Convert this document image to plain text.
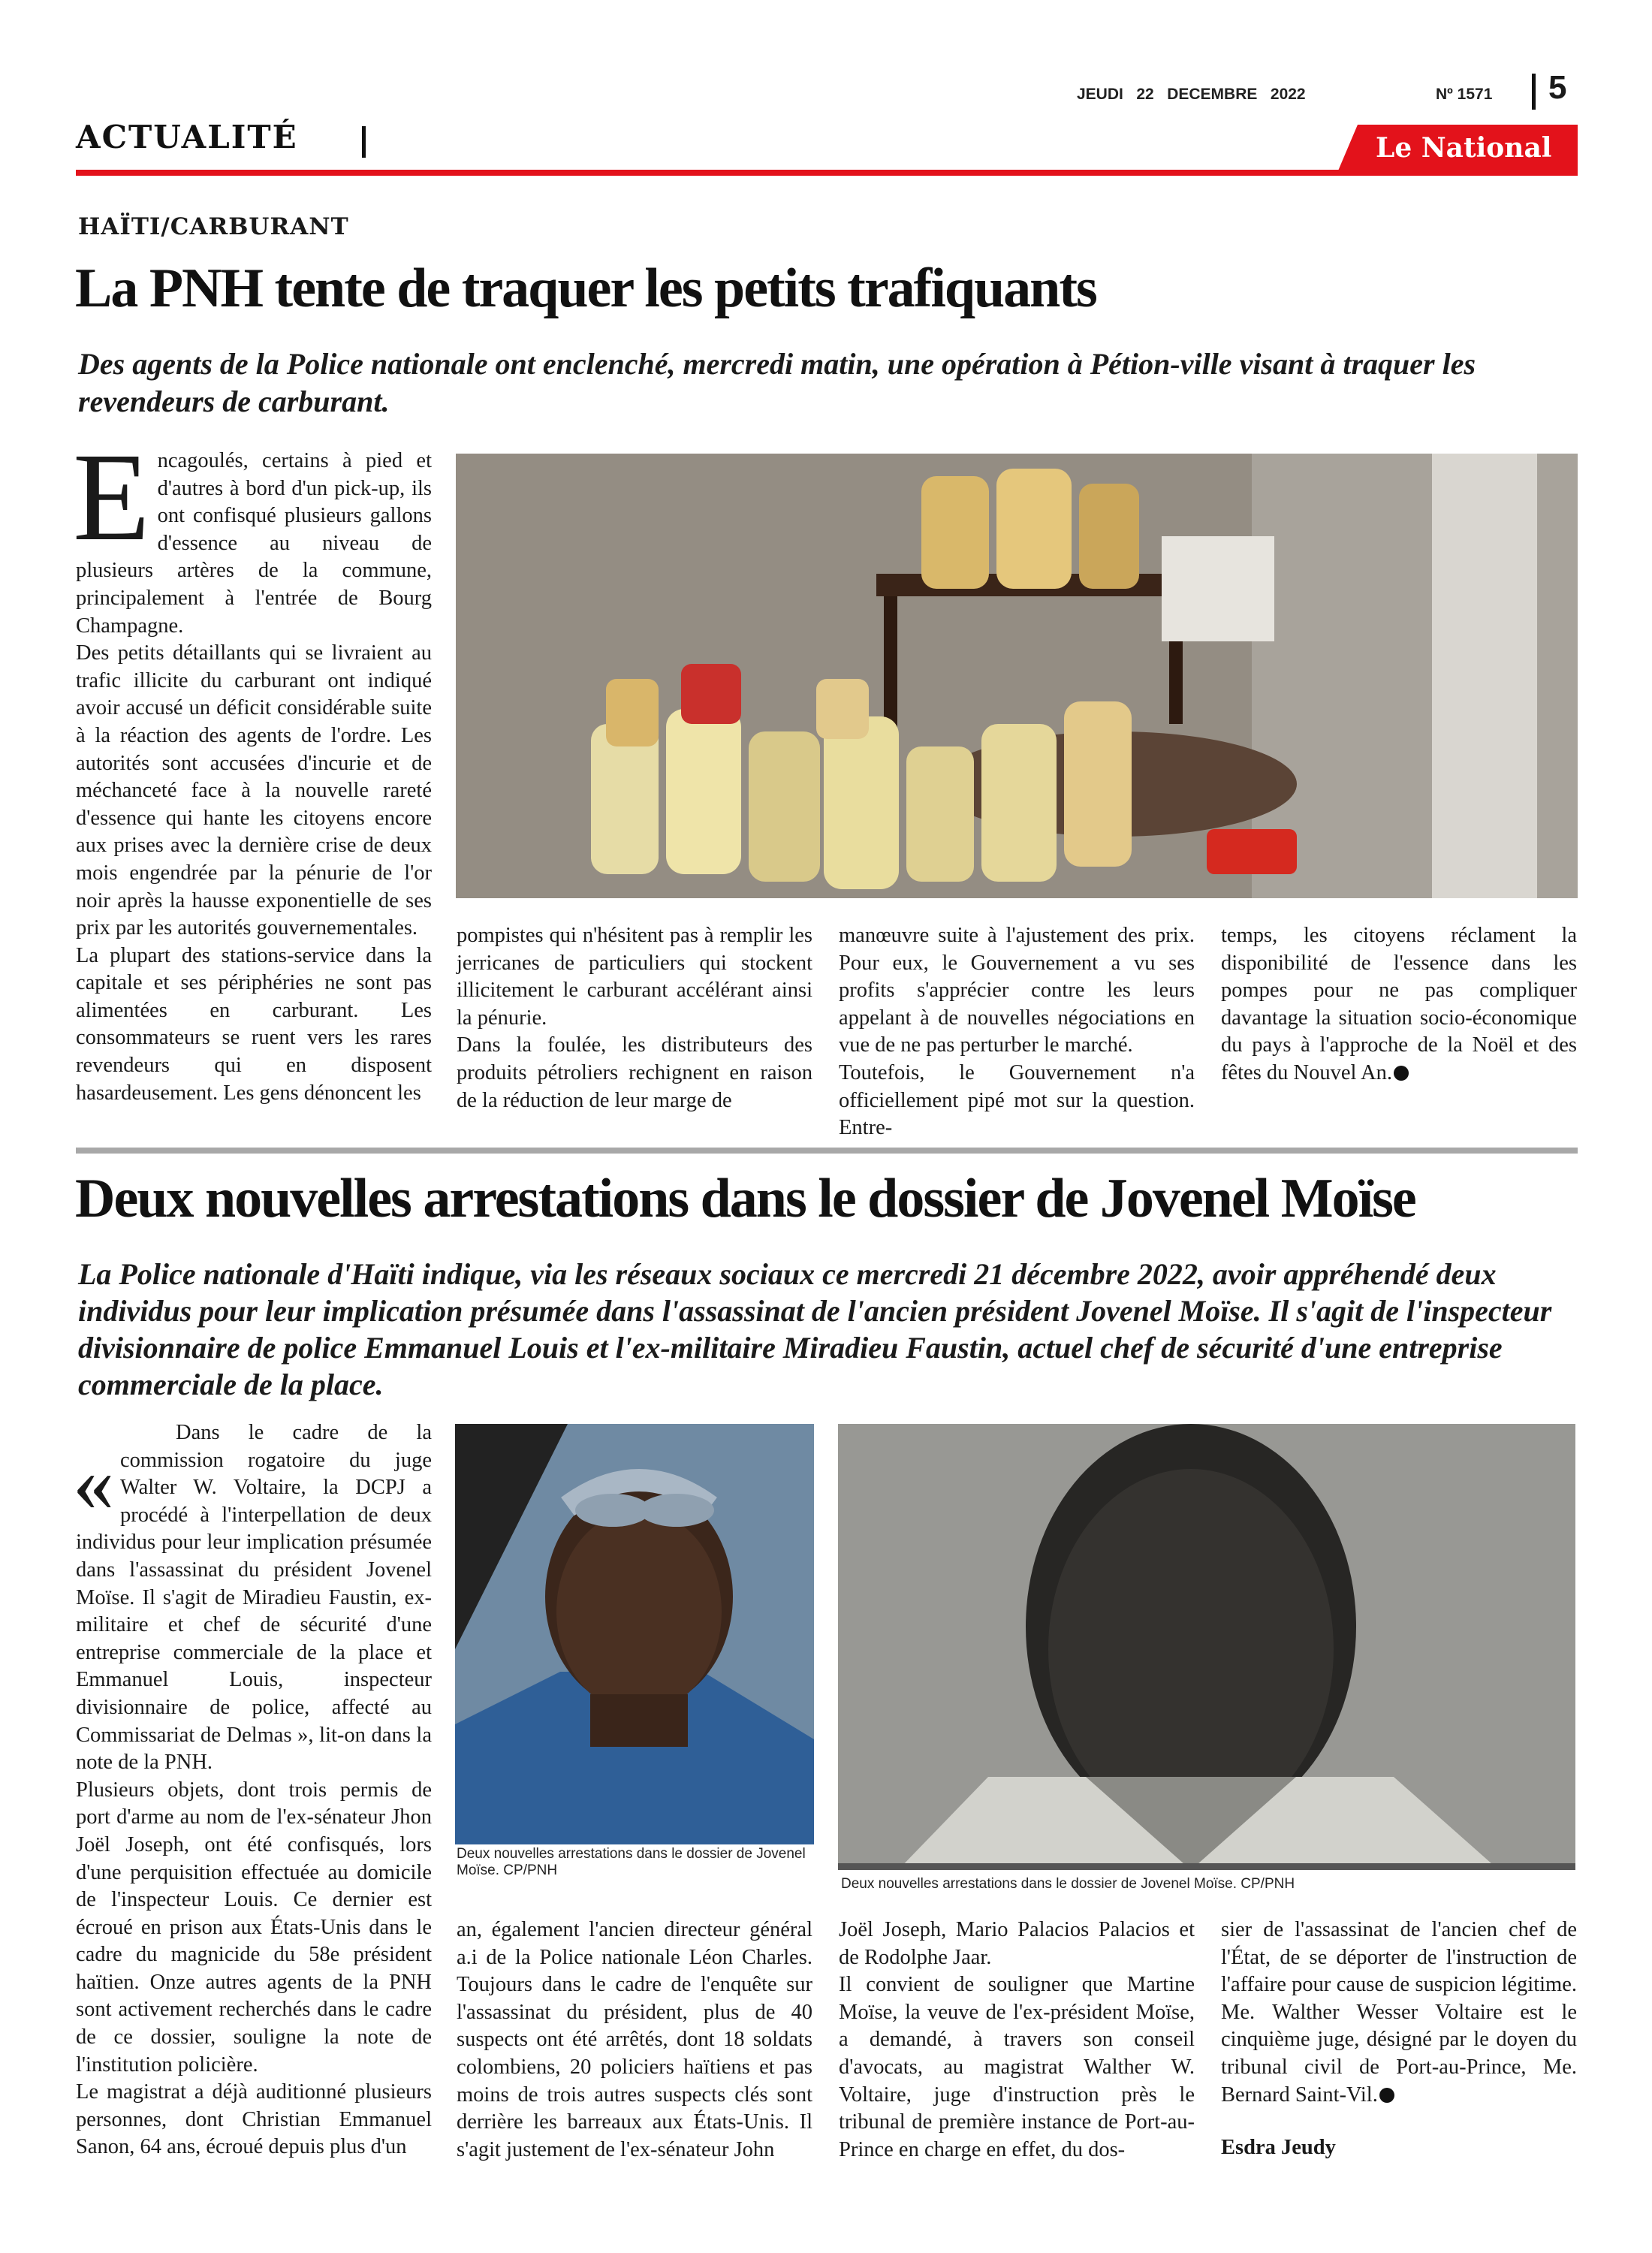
JEUDI   22   DECEMBRE   2022	Nº 1571 5
ACTUALITÉ	Le National
HAÏTI/CARBURANT
La PNH tente de traquer les petits trafiquants
Des agents de la Police nationale ont enclenché, mercredi matin, une opération à Pétion-ville visant à traquer les revendeurs de carburant.
E ncagoulés, certains à pied et d'autres à bord d'un pick-up, ils ont confisqué plusieurs gallons d'essence au niveau de plusieurs artères de la commune, principalement à l'entrée de Bourg Champagne.

Des petits détaillants qui se livraient au trafic illicite du carburant ont indiqué avoir accusé un déficit considérable suite à la réaction des agents de l'ordre. Les autorités sont accusées d'incurie et de méchanceté face à la nouvelle rareté d'essence qui hante les citoyens encore aux prises avec la dernière crise de deux mois engendrée par la pénurie de l'or noir après la hausse exponentielle de ses prix par les autorités gouvernementales.

La plupart des stations-service dans la capitale et ses périphéries ne sont pas alimentées en carburant. Les consommateurs se ruent vers les rares revendeurs qui en disposent hasardeusement. Les gens dénoncent les

pompistes qui n'hésitent pas à remplir les jerricanes de particuliers qui stockent illicitement le carburant accélérant ainsi la pénurie.

Dans la foulée, les distributeurs des produits pétroliers rechignent en raison de la réduction de leur marge de

manœuvre suite à l'ajustement des prix. Pour eux, le Gouvernement a vu ses profits s'apprécier contre les leurs appelant à de nouvelles négociations en vue de ne pas perturber le marché.

Toutefois, le Gouvernement n'a officiellement pipé mot sur la question. Entre-

temps, les citoyens réclament la disponibilité de l'essence dans les pompes pour ne pas compliquer davantage la situation socio-économique du pays à l'approche de la Noël et des fêtes du Nouvel An.

Deux nouvelles arrestations dans le dossier de Jovenel Moïse
La Police nationale d'Haïti indique, via les réseaux sociaux ce mercredi 21 décembre 2022, avoir appréhendé deux individus pour leur implication présumée dans l'assassinat de l'ancien président Jovenel Moïse. Il s'agit de l'inspecteur divisionnaire de police Emmanuel Louis et l'ex-militaire Miradieu Faustin, actuel chef de sécurité d'une entreprise commerciale de la place.
Deux nouvelles arrestations dans le dossier de Jovenel Moïse. CP/PNH
Deux nouvelles arrestations dans le dossier de Jovenel Moïse. CP/PNH
«

Dans le cadre de la commission rogatoire du juge Walter W. Voltaire, la DCPJ a procédé à l'interpellation de deux individus pour leur implication présumée dans l'assassinat du président Jovenel Moïse. Il s'agit de Miradieu Faustin, ex-militaire et chef de sécurité d'une entreprise commerciale de la place et Emmanuel Louis, inspecteur divisionnaire de police, affecté au Commissariat de Delmas », lit-on dans la note de la PNH.

Plusieurs objets, dont trois permis de port d'arme au nom de l'ex-sénateur Jhon Joël Joseph, ont été confisqués, lors d'une perquisition effectuée au domicile de l'inspecteur Louis. Ce dernier est écroué en prison aux États-Unis dans le cadre du magnicide du 58e président haïtien. Onze autres agents de la PNH sont activement recherchés dans le cadre de ce dossier, souligne la note de l'institution policière.

Le magistrat a déjà auditionné plusieurs personnes, dont Christian Emmanuel Sanon, 64 ans, écroué depuis plus d'un

an, également l'ancien directeur général a.i de la Police nationale Léon Charles. Toujours dans le cadre de l'enquête sur l'assassinat du président, plus de 40 suspects ont été arrêtés, dont 18 soldats colombiens, 20 policiers haïtiens et pas moins de trois autres suspects clés sont derrière les barreaux aux États-Unis. Il s'agit justement de l'ex-sénateur John

Joël Joseph, Mario Palacios Palacios et de Rodolphe Jaar.

Il convient de souligner que Martine Moïse, la veuve de l'ex-président Moïse, a demandé, à travers son conseil d'avocats, au magistrat Walther W. Voltaire, juge d'instruction près le tribunal de première instance de Port-au-Prince en charge en effet, du dos-

sier de l'assassinat de l'ancien chef de l'État, de se déporter de l'instruction de l'affaire pour cause de suspicion légitime. Me. Walther Wesser Voltaire est le cinquième juge, désigné par le doyen du tribunal civil de Port-au-Prince, Me. Bernard Saint-Vil.

Esdra Jeudy
